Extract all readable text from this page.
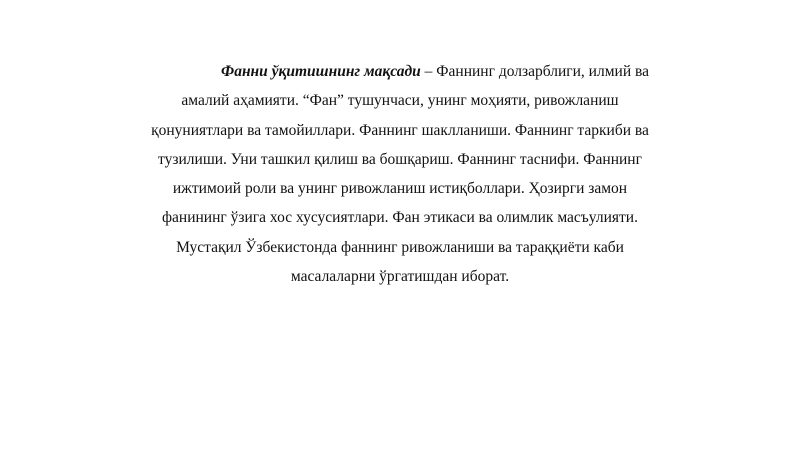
Фанни ўқитишнинг мақсади – Фаннинг долзарблиги, илмий ва
амалий аҳамияти. “Фан” тушунчаси, унинг моҳияти, ривожланиш
қонуниятлари ва тамойиллари. Фаннинг шаклланиши. Фаннинг таркиби ва
тузилиши. Уни ташкил қилиш ва бошқариш. Фаннинг таснифи. Фаннинг
ижтимоий роли ва унинг ривожланиш истиқболлари. Ҳозирги замон
фанининг ўзига хос хусусиятлари. Фан этикаси ва олимлик масъулияти.
Мустақил Ўзбекистонда фаннинг ривожланиши ва тараққиёти каби
масалаларни ўргатишдан иборат.
